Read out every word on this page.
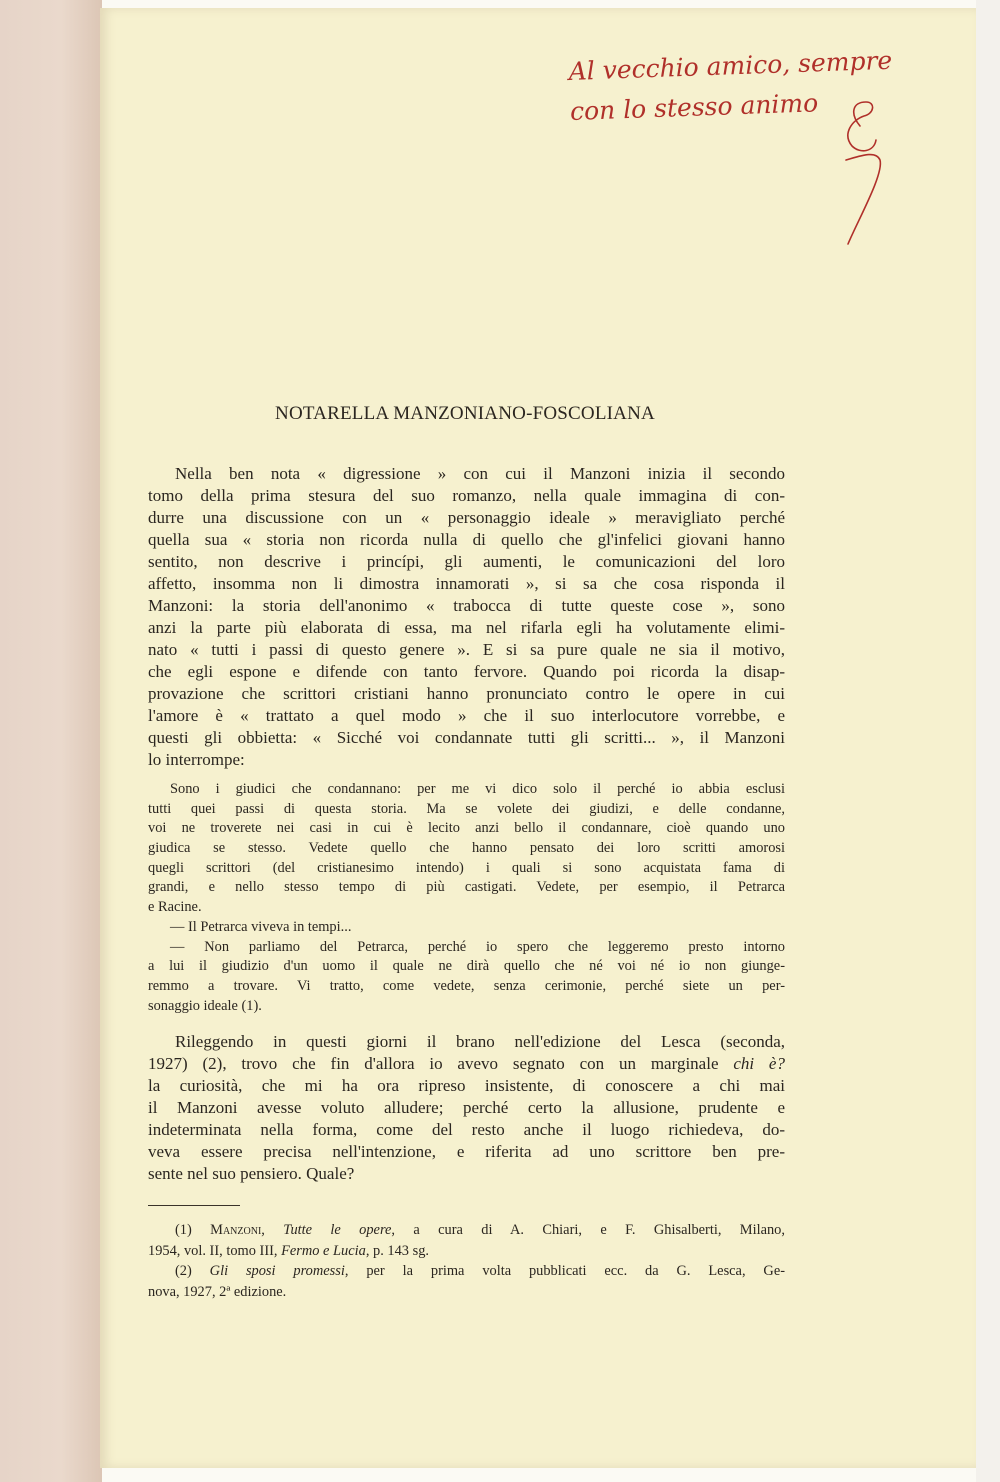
Al vecchio amico, sempre con lo stesso animo
NOTARELLA MANZONIANO-FOSCOLIANA
Nella ben nota « digressione » con cui il Manzoni inizia il secondo
tomo della prima stesura del suo romanzo, nella quale immagina di con-
durre una discussione con un « personaggio ideale » meravigliato perché
quella sua « storia non ricorda nulla di quello che gl'infelici giovani hanno
sentito, non descrive i princípi, gli aumenti, le comunicazioni del loro
affetto, insomma non li dimostra innamorati », si sa che cosa risponda il
Manzoni: la storia dell'anonimo « trabocca di tutte queste cose », sono
anzi la parte più elaborata di essa, ma nel rifarla egli ha volutamente elimi-
nato « tutti i passi di questo genere ». E si sa pure quale ne sia il motivo,
che egli espone e difende con tanto fervore. Quando poi ricorda la disap-
provazione che scrittori cristiani hanno pronunciato contro le opere in cui
l'amore è « trattato a quel modo » che il suo interlocutore vorrebbe, e
questi gli obbietta: « Sicché voi condannate tutti gli scritti... », il Manzoni
lo interrompe:
Sono i giudici che condannano: per me vi dico solo il perché io abbia esclusi
tutti quei passi di questa storia. Ma se volete dei giudizi, e delle condanne,
voi ne troverete nei casi in cui è lecito anzi bello il condannare, cioè quando uno
giudica se stesso. Vedete quello che hanno pensato dei loro scritti amorosi
quegli scrittori (del cristianesimo intendo) i quali si sono acquistata fama di
grandi, e nello stesso tempo di più castigati. Vedete, per esempio, il Petrarca
e Racine.
— Il Petrarca viveva in tempi...
— Non parliamo del Petrarca, perché io spero che leggeremo presto intorno
a lui il giudizio d'un uomo il quale ne dirà quello che né voi né io non giunge-
remmo a trovare. Vi tratto, come vedete, senza cerimonie, perché siete un per-
sonaggio ideale (1).
Rileggendo in questi giorni il brano nell'edizione del Lesca (seconda,
1927) (2), trovo che fin d'allora io avevo segnato con un marginale chi è?
la curiosità, che mi ha ora ripreso insistente, di conoscere a chi mai
il Manzoni avesse voluto alludere; perché certo la allusione, prudente e
indeterminata nella forma, come del resto anche il luogo richiedeva, do-
veva essere precisa nell'intenzione, e riferita ad uno scrittore ben pre-
sente nel suo pensiero. Quale?
(1) Manzoni, Tutte le opere, a cura di A. Chiari, e F. Ghisalberti, Milano,
1954, vol. II, tomo III, Fermo e Lucia, p. 143 sg.
(2) Gli sposi promessi, per la prima volta pubblicati ecc. da G. Lesca, Ge-
nova, 1927, 2ª edizione.
